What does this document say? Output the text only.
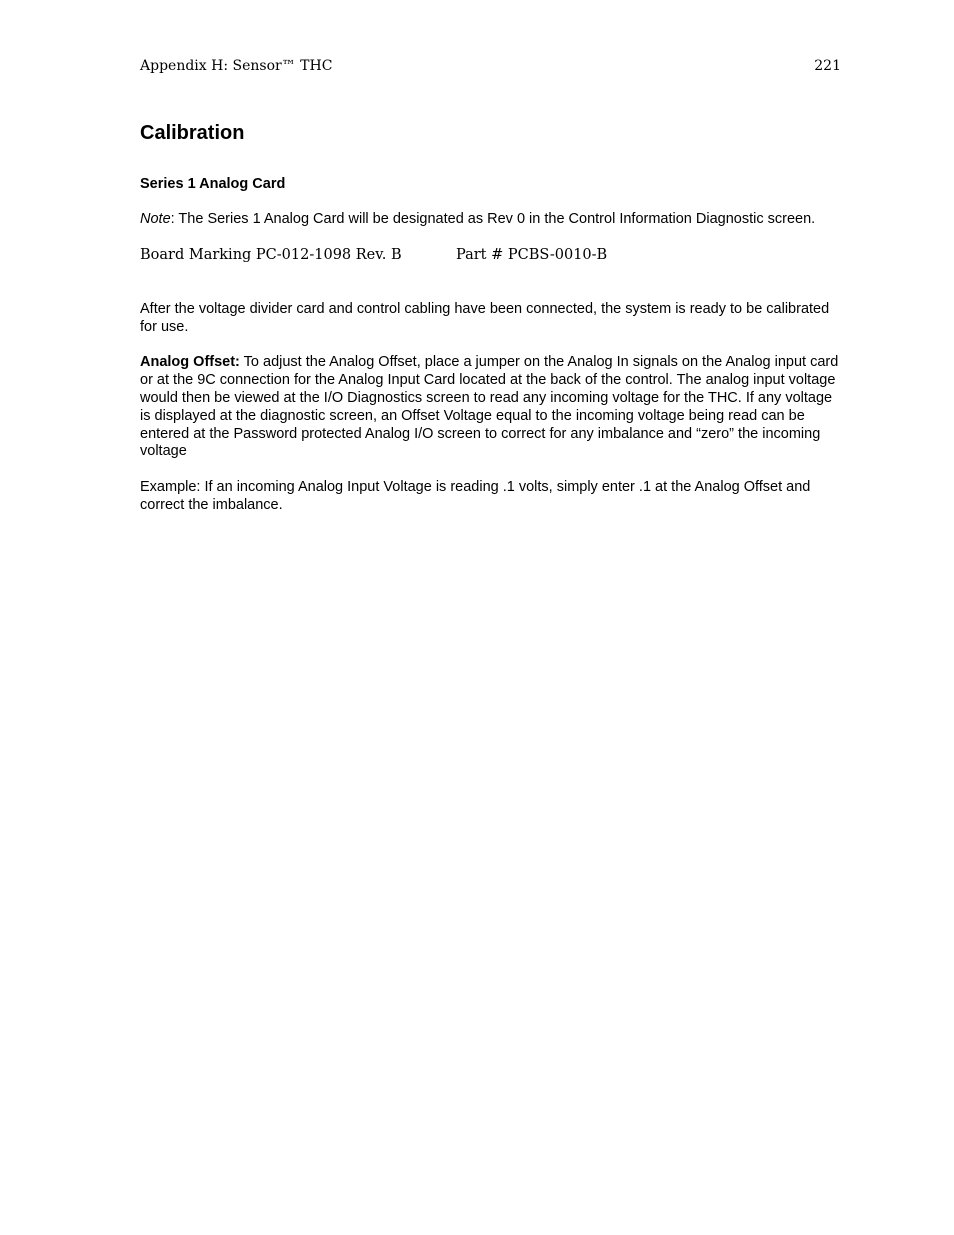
Appendix H: Sensor™ THC	221
Calibration
Series 1 Analog Card

Note: The Series 1 Analog Card will be designated as Rev 0 in the Control Information Diagnostic screen.

Board Marking PC-012-1098 Rev. B	Part # PCBS-0010-B

After the voltage divider card and control cabling have been connected, the system is ready to be calibrated for use.

Analog Offset: To adjust the Analog Offset, place a jumper on the Analog In signals on the Analog input card or at the 9C connection for the Analog Input Card located at the back of the control. The analog input voltage would then be viewed at the I/O Diagnostics screen to read any incoming voltage for the THC. If any voltage is displayed at the diagnostic screen, an Offset Voltage equal to the incoming voltage being read can be entered at the Password protected Analog I/O screen to correct for any imbalance and “zero” the incoming voltage

Example: If an incoming Analog Input Voltage is reading .1 volts, simply enter .1 at the Analog Offset and correct the imbalance.
